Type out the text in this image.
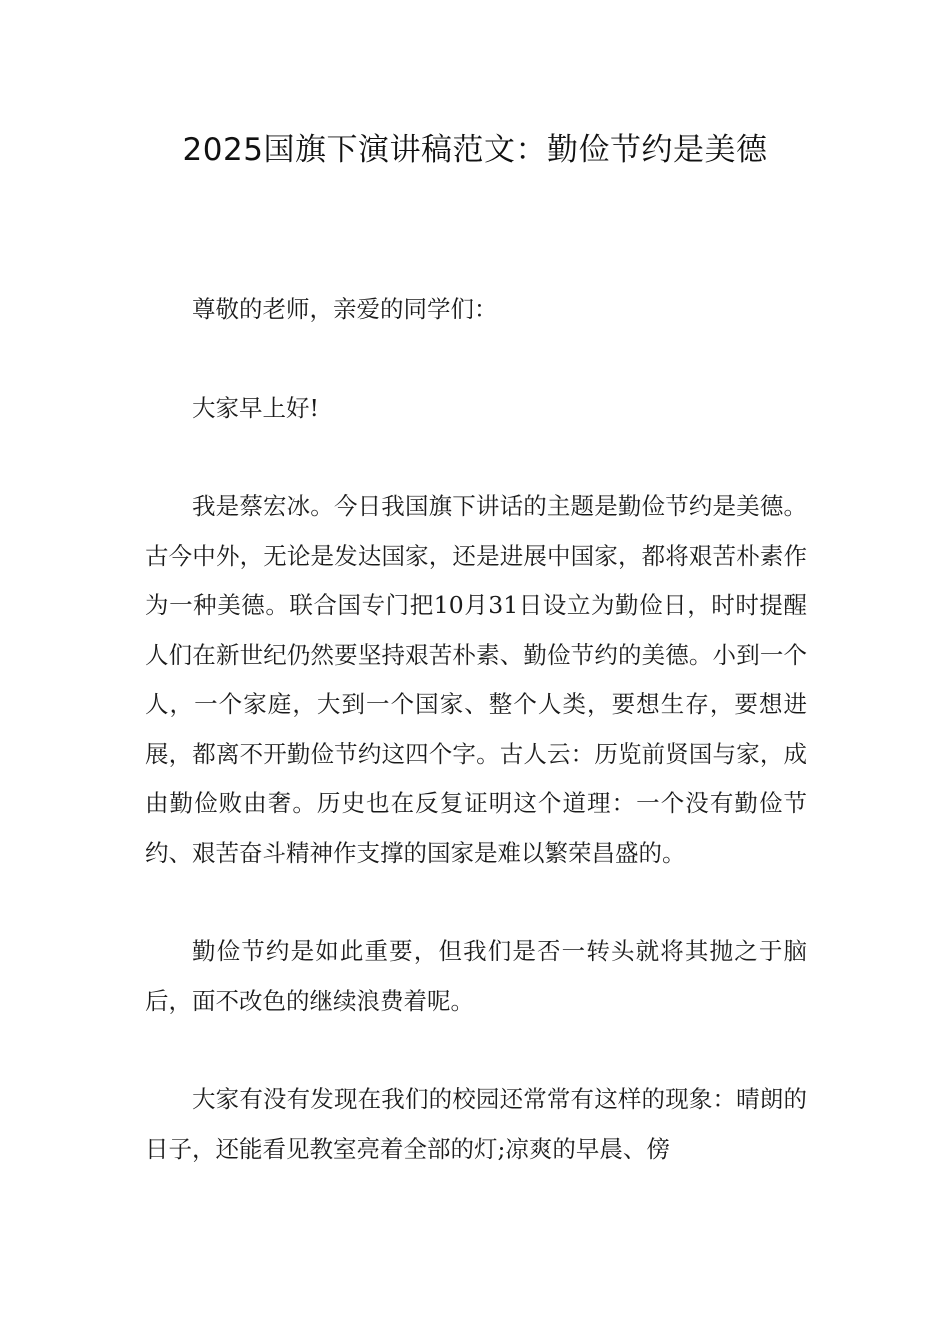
2025国旗下演讲稿范文：勤俭节约是美德

尊敬的老师，亲爱的同学们：

大家早上好!

我是蔡宏冰。今日我国旗下讲话的主题是勤俭节约是美德。古今中外，无论是发达国家，还是进展中国家，都将艰苦朴素作为一种美德。联合国专门把10月31日设立为勤俭日，时时提醒人们在新世纪仍然要坚持艰苦朴素、勤俭节约的美德。小到一个人，一个家庭，大到一个国家、整个人类，要想生存，要想进展，都离不开勤俭节约这四个字。古人云：历览前贤国与家，成由勤俭败由奢。历史也在反复证明这个道理：一个没有勤俭节约、艰苦奋斗精神作支撑的国家是难以繁荣昌盛的。

勤俭节约是如此重要，但我们是否一转头就将其抛之于脑后，面不改色的继续浪费着呢。

大家有没有发现在我们的校园还常常有这样的现象：晴朗的日子，还能看见教室亮着全部的灯;凉爽的早晨、傍
